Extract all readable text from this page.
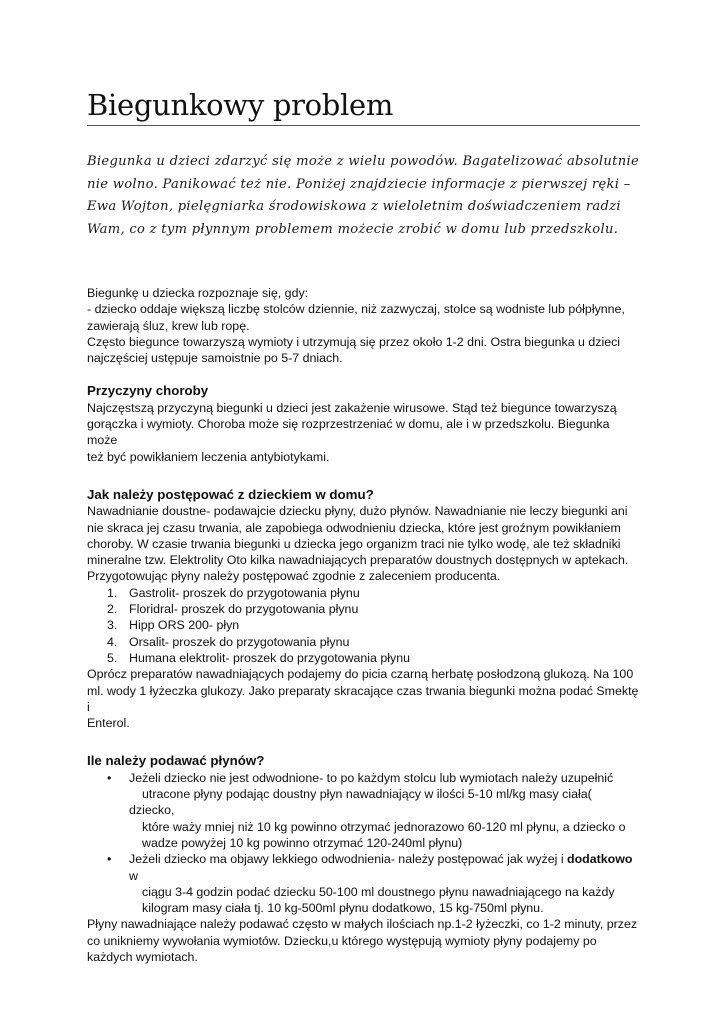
Biegunkowy problem

Biegunka u dzieci zdarzyć się może z wielu powodów. Bagatelizować absolutnie
nie wolno. Panikować też nie. Poniżej znajdziecie informacje z pierwszej ręki –
Ewa Wojton, pielęgniarka środowiskowa z wieloletnim doświadczeniem radzi
Wam, co z tym płynnym problemem możecie zrobić w domu lub przedszkolu.

Biegunkę u dziecka rozpoznaje się, gdy:
- dziecko oddaje większą liczbę stolców dziennie, niż zazwyczaj, stolce są wodniste lub półpłynne,
zawierają śluz, krew lub ropę.
Często biegunce towarzyszą wymioty i utrzymują się przez około 1-2 dni. Ostra biegunka u dzieci
najczęściej ustępuje samoistnie po 5-7 dniach.

Przyczyny choroby

Najczęstszą przyczyną biegunki u dzieci jest zakażenie wirusowe. Stąd też biegunce towarzyszą
gorączka i wymioty. Choroba może się rozprzestrzeniać w domu, ale i w przedszkolu. Biegunka może
też być powikłaniem leczenia antybiotykami.

Jak należy postępować z dzieckiem w domu?

Nawadnianie doustne- podawajcie dziecku płyny, dużo płynów. Nawadnianie nie leczy biegunki ani
nie skraca jej czasu trwania, ale zapobiega odwodnieniu dziecka, które jest groźnym powikłaniem
choroby. W czasie trwania biegunki u dziecka jego organizm traci nie tylko wodę, ale też składniki
mineralne tzw. Elektrolity Oto kilka nawadniających preparatów doustnych dostępnych w aptekach.
Przygotowując płyny należy postępować zgodnie z zaleceniem producenta.

1. Gastrolit- proszek do przygotowania płynu
2. Floridral- proszek do przygotowania płynu
3. Hipp ORS 200- płyn
4. Orsalit- proszek do przygotowania płynu
5. Humana elektrolit- proszek do przygotowania płynu

Oprócz preparatów nawadniających podajemy do picia czarną herbatę posłodzoną glukozą. Na 100
ml. wody 1 łyżeczka glukozy. Jako preparaty skracające czas trwania biegunki można podać Smektę i
Enterol.

Ile należy podawać płynów?
• Jeżeli dziecko nie jest odwodnione- to po każdym stolcu lub wymiotach należy uzupełnić
utracone płyny podając doustny płyn nawadniający w ilości 5-10 ml/kg masy ciała( dziecko,
które waży mniej niż 10 kg powinno otrzymać jednorazowo 60-120 ml płynu, a dziecko o
wadze powyżej 10 kg powinno otrzymać 120-240ml płynu)
• Jeżeli dziecko ma objawy lekkiego odwodnienia- należy postępować jak wyżej i dodatkowo w
ciągu 3-4 godzin podać dziecku 50-100 ml doustnego płynu nawadniającego na każdy
kilogram masy ciała tj. 10 kg-500ml płynu dodatkowo, 15 kg-750ml płynu.

Płyny nawadniające należy podawać często w małych ilościach np.1-2 łyżeczki, co 1-2 minuty, przez
co unikniemy wywołania wymiotów. Dziecku,u którego występują wymioty płyny podajemy po
każdych wymiotach.
